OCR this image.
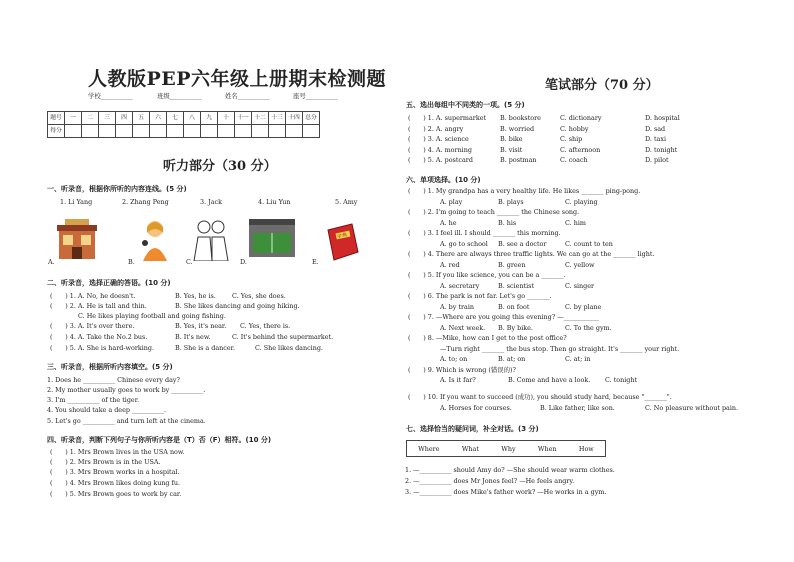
人教版PEP六年级上册期末检测题
学校__________	班级__________	姓名__________	座号__________
题号	一	二	三	四	五	六	七	八	九	十	十一	十二	十三	十四	总分
得分															
听力部分（30 分）
一、听录音，根据你所听的内容连线。(5 分)
1. Li Yang	2. Zhang Peng	3. Jack	4. Liu Yun	5. Amy
A.	B.	C.	D.
字典
E.
二、听录音，选择正确的答语。(10 分)
(　　) 1. A. No, he doesn't.	B. Yes, he is.	C. Yes, she does.
(　　) 2. A. He is tall and thin.	B. She likes dancing and going hiking.
C. He likes playing football and going fishing.
(　　) 3. A. It's over there.	B. Yes, it's near. C. Yes, there is.
(　　) 4. A. Take the No.2 bus.	B. It's new.	C. It's behind the supermarket.
(　　) 5. A. She is hard-working.	B. She is a dancer.	C. She likes dancing.
三、听录音，根据所听内容填空。(5 分)
1. Does he __________ Chinese every day?
2. My mother usually goes to work by __________.
3. I'm __________ of the tiger.
4. You should take a deep __________.
5. Let's go __________ and turn left at the cinema.
四、听录音，判断下列句子与你所听内容是（T）否（F）相符。(10 分)
(　　) 1. Mrs Brown lives in the USA now.
(　　) 2. Mrs Brown is in the USA.
(　　) 3. Mrs Brown works in a hospital.
(　　) 4. Mrs Brown likes doing kung fu.
(　　) 5. Mrs Brown goes to work by car.
笔试部分（70 分）
五、选出每组中不同类的一项。(5 分)
(　　) 1. A. supermarket B. bookstore	C. dictionary	D. hospital
(　　) 2. A. angry	B. worried	C. hobby	D. sad
(　　) 3. A. science	B. bike	C. ship	D. taxi
(　　) 4. A. morning	B. visit	C. afternoon	D. tonight
(　　) 5. A. postcard	B. postman	C. coach	D. pilot
六、单项选择。(10 分)
(　　) 1. My grandpa has a very healthy life. He likes _______ ping-pong.
A. play	B. plays	C. playing
(　　) 2. I'm going to teach _______ the Chinese song.
A. he	B. his	C. him
(　　) 3. I feel ill. I should _______ this morning.
A. go to school B. see a doctor	C. count to ten
(　　) 4. There are always three traffic lights. We can go at the _______ light.
A. red	B. green	C. yellow
(　　) 5. If you like science, you can be a _______.
A. secretary	B. scientist	C. singer
(　　) 6. The park is not far. Let's go _______.
A. by train	B. on foot	C. by plane
(　　) 7. —Where are you going this evening? —___________
A. Next week. B. By bike.	C. To the gym.
(　　) 8. —Mike, how can I get to the post office?
—Turn right _______ the bus stop. Then go straight. It's _______ your right.
A. to; on	B. at; on	C. at; in
(　　) 9. Which is wrong (错误的)?
A. Is it far?	B. Come and have a look. C. tonight
(　　) 10. If you want to succeed (成功), you should study hard, because "_______".
A. Horses for courses.	B. Like father, like son.	C. No pleasure without pain.
七、选择恰当的疑问词，补全对话。(3 分)
Where	What	Why	When	How
1. —__________ should Amy do? —She should wear warm clothes.
2. —__________ does Mr Jones feel? —He feels angry.
3. —__________ does Mike's father work? —He works in a gym.
